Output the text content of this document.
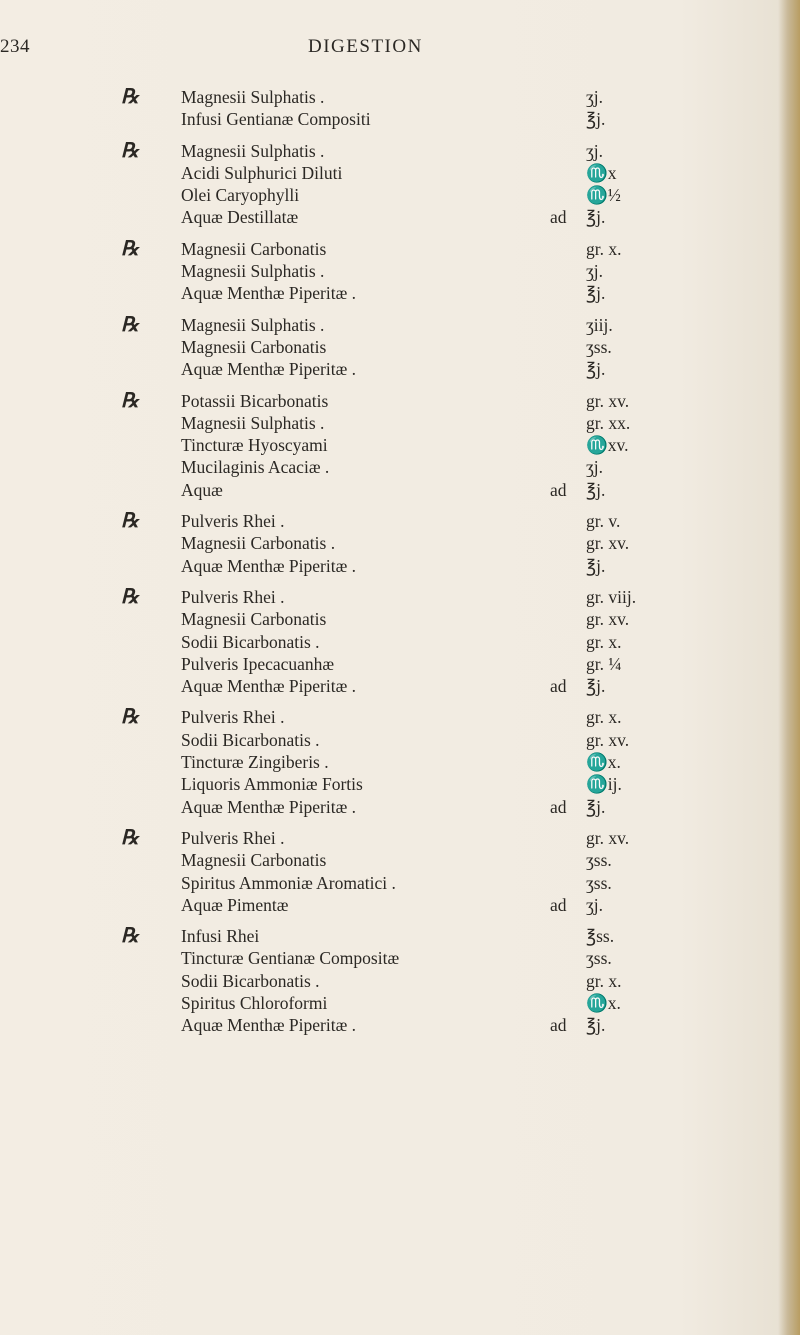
234	DIGESTION
℞ Magnesii Sulphatis .	ʒj.
Infusi Gentianæ Compositi	℥j.
℞ Magnesii Sulphatis .	ʒj.
Acidi Sulphurici Diluti	♏x
Olei Caryophylli	♏½
Aquæ Destillatæ	ad ℥j.
℞ Magnesii Carbonatis	gr. x.
Magnesii Sulphatis .	ʒj.
Aquæ Menthæ Piperitæ .	℥j.
℞ Magnesii Sulphatis .	ʒiij.
Magnesii Carbonatis	ʒss.
Aquæ Menthæ Piperitæ .	℥j.
℞ Potassii Bicarbonatis	gr. xv.
Magnesii Sulphatis .	gr. xx.
Tincturæ Hyoscyami	♏xv.
Mucilaginis Acaciæ .	ʒj.
Aquæ	ad ℥j.
℞ Pulveris Rhei .	gr. v.
Magnesii Carbonatis .	gr. xv.
Aquæ Menthæ Piperitæ .	℥j.
℞ Pulveris Rhei .	gr. viij.
Magnesii Carbonatis	gr. xv.
Sodii Bicarbonatis .	gr. x.
Pulveris Ipecacuanhæ	gr. ¼
Aquæ Menthæ Piperitæ .	ad ℥j.
℞ Pulveris Rhei .	gr. x.
Sodii Bicarbonatis .	gr. xv.
Tincturæ Zingiberis .	♏x.
Liquoris Ammoniæ Fortis	♏ij.
Aquæ Menthæ Piperitæ .	ad ℥j.
℞ Pulveris Rhei .	gr. xv.
Magnesii Carbonatis	ʒss.
Spiritus Ammoniæ Aromatici .	ʒss.
Aquæ Pimentæ	ad ʒj.
℞ Infusi Rhei	℥ss.
Tincturæ Gentianæ Compositæ	ʒss.
Sodii Bicarbonatis .	gr. x.
Spiritus Chloroformi	♏x.
Aquæ Menthæ Piperitæ .	ad ℥j.
